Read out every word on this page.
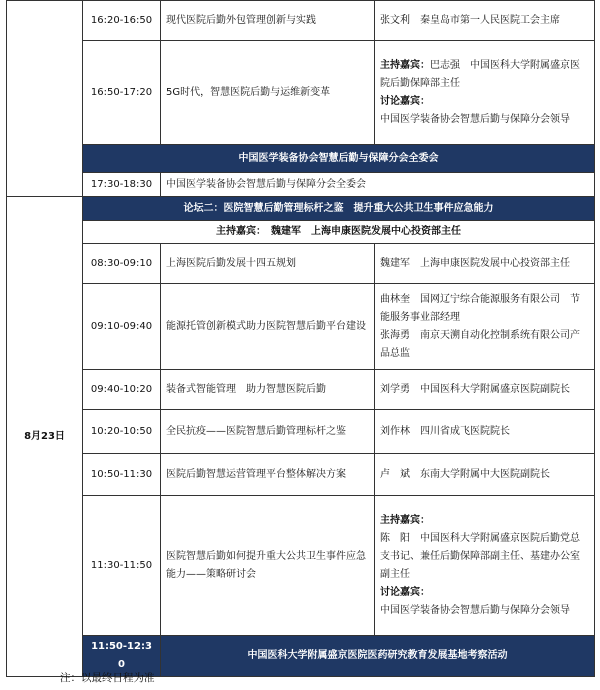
	16:20-16:50	现代医院后勤外包管理创新与实践	张文利　秦皇岛市第一人民医院工会主席
	16:50-17:20	5G时代，智慧医院后勤与运维新变革	主持嘉宾：巴志强　中国医科大学附属盛京医院后勤保障部主任
讨论嘉宾：
中国医学装备协会智慧后勤与保障分会领导
	中国医学装备协会智慧后勤与保障分会全委会		
	17:30-18:30	中国医学装备协会智慧后勤与保障分会全委会	
8月23日	论坛二：医院智慧后勤管理标杆之鉴　提升重大公共卫生事件应急能力		
	主持嘉宾：　魏建军　上海申康医院发展中心投资部主任		
	08:30-09:10	上海医院后勤发展十四五规划	魏建军　上海申康医院发展中心投资部主任
	09:10-09:40	能源托管创新模式助力医院智慧后勤平台建设	曲林奎　国网辽宁综合能源服务有限公司　节能服务事业部经理
张海勇　南京天溯自动化控制系统有限公司产品总监
	09:40-10:20	装备式智能管理　助力智慧医院后勤	刘学勇　中国医科大学附属盛京医院副院长
	10:20-10:50	全民抗疫——医院智慧后勤管理标杆之鉴	刘作林　四川省成飞医院院长
	10:50-11:30	医院后勤智慧运营管理平台整体解决方案	卢　斌　东南大学附属中大医院副院长
	11:30-11:50	医院智慧后勤如何提升重大公共卫生事件应急能力——策略研讨会	主持嘉宾：
陈　阳　中国医科大学附属盛京医院后勤党总支书记、兼任后勤保障部副主任、基建办公室副主任
讨论嘉宾：
中国医学装备协会智慧后勤与保障分会领导
	11:50-12:30	中国医科大学附属盛京医院医药研究教育发展基地考察活动	
注：以最终日程为准
